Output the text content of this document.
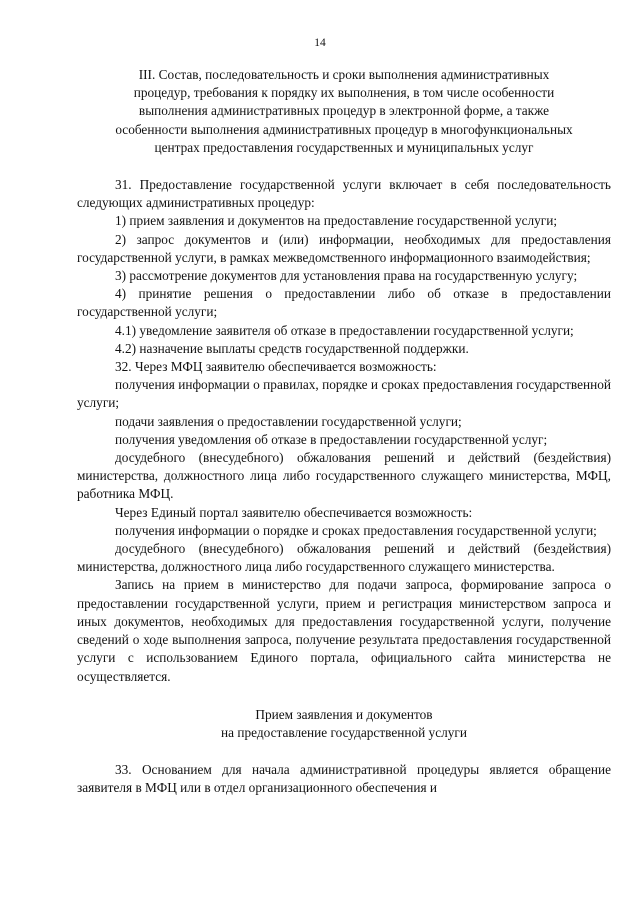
14
III. Состав, последовательность и сроки выполнения административных
процедур, требования к порядку их выполнения, в том числе особенности
выполнения административных процедур в электронной форме, а также
особенности выполнения административных процедур в многофункциональных
центрах предоставления государственных и муниципальных услуг

31. Предоставление государственной услуги включает в себя последовательность следующих административных процедур:

1) прием заявления и документов на предоставление государственной услуги;

2) запрос документов и (или) информации, необходимых для предоставления государственной услуги, в рамках межведомственного информационного взаимодействия;

3) рассмотрение документов для установления права на государственную услугу;

4) принятие решения о предоставлении либо об отказе в предоставлении государственной услуги;

4.1) уведомление заявителя об отказе в предоставлении государственной услуги;

4.2) назначение выплаты средств государственной поддержки.

32. Через МФЦ заявителю обеспечивается возможность:

получения информации о правилах, порядке и сроках предоставления государственной услуги;

подачи заявления о предоставлении государственной услуги;

получения уведомления об отказе в предоставлении государственной услуг;

досудебного (внесудебного) обжалования решений и действий (бездействия) министерства, должностного лица либо государственного служащего министерства, МФЦ, работника МФЦ.

Через Единый портал заявителю обеспечивается возможность:

получения информации о порядке и сроках предоставления государственной услуги;

досудебного (внесудебного) обжалования решений и действий (бездействия) министерства, должностного лица либо государственного служащего министерства.

Запись на прием в министерство для подачи запроса, формирование запроса о предоставлении государственной услуги, прием и регистрация министерством запроса и иных документов, необходимых для предоставления государственной услуги, получение сведений о ходе выполнения запроса, получение результата предоставления государственной услуги с использованием Единого портала, официального сайта министерства не осуществляется.

Прием заявления и документов
на предоставление государственной услуги

33. Основанием для начала административной процедуры является обращение заявителя в МФЦ или в отдел организационного обеспечения и
